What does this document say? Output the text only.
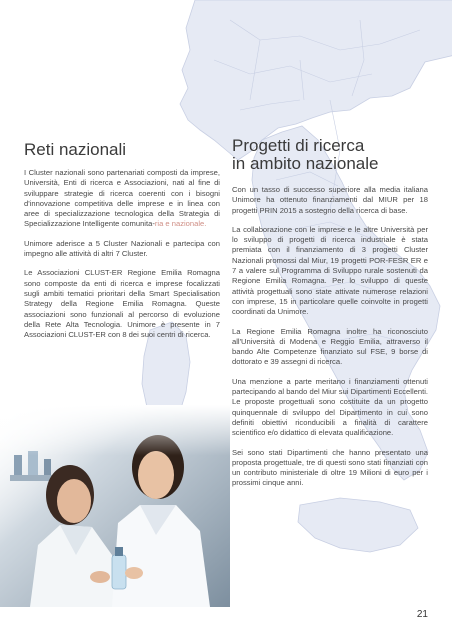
Reti nazionali

I Cluster nazionali sono partenariati composti da imprese, Università, Enti di ricerca e Associazioni, nati al fine di sviluppare strategie di ricerca coerenti con i bisogni d'innovazione competitiva delle imprese e in linea con aree di specializzazione tecnologica della Strategia di Specializzazione Intelligente comunita-ria e nazionale.

Unimore aderisce a 5 Cluster Nazionali e partecipa con impegno alle attività di altri 7 Cluster.

Le Associazioni CLUST-ER Regione Emilia Romagna sono composte da enti di ricerca e imprese focalizzati sugli ambiti tematici prioritari della Smart Specialisation Strategy della Regione Emilia Romagna. Queste associazioni sono funzionali al percorso di evoluzione della Rete Alta Tecnologia. Unimore è presente in 7 Associazioni CLUST-ER con 8 dei suoi centri di ricerca.

Progetti di ricerca
in ambito nazionale

Con un tasso di successo superiore alla media italiana Unimore ha ottenuto finanziamenti dal MIUR per 18 progetti PRIN 2015 a sostegno della ricerca di base.

La collaborazione con le imprese e le altre Università per lo sviluppo di progetti di ricerca industriale è stata premiata con il finanziamento di 3 progetti Cluster Nazionali promossi dal Miur, 19 progetti POR-FESR ER e 7 a valere sul Programma di Sviluppo rurale sostenuti da Regione Emilia Romagna. Per lo sviluppo di queste attività progettuali sono state attivate numerose relazioni con imprese, 15 in particolare quelle coinvolte in progetti coordinati da Unimore.

La Regione Emilia Romagna inoltre ha riconosciuto all'Università di Modena e Reggio Emilia, attraverso il bando Alte Competenze finanziato sul FSE, 9 borse di dottorato e 39 assegni di ricerca.

Una menzione a parte meritano i finanziamenti ottenuti partecipando al bando del Miur sui Dipartimenti Eccellenti. Le proposte progettuali sono costituite da un progetto quinquennale di sviluppo del Dipartimento in cui sono definiti obiettivi riconducibili a finalità di carattere scientifico e/o didattico di elevata qualificazione.

Sei sono stati Dipartimenti che hanno presentato una proposta progettuale, tre di questi sono stati finanziati con un contributo ministeriale di oltre 19 Milioni di euro per i prossimi cinque anni.

21
